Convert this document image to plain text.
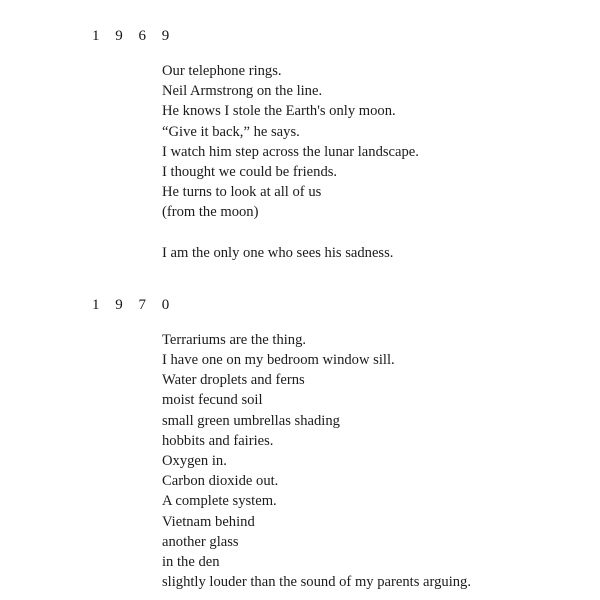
1 9 6 9
Our telephone rings.
Neil Armstrong on the line.
He knows I stole the Earth's only moon.
“Give it back,” he says.
I watch him step across the lunar landscape.
I thought we could be friends.
He turns to look at all of us
(from the moon)
I am the only one who sees his sadness.
1 9 7 0
Terrariums are the thing.
I have one on my bedroom window sill.
Water droplets and ferns
moist fecund soil
small green umbrellas shading
hobbits and fairies.
Oxygen in.
Carbon dioxide out.
A complete system.
Vietnam behind
another glass
in the den
slightly louder than the sound of my parents arguing.
